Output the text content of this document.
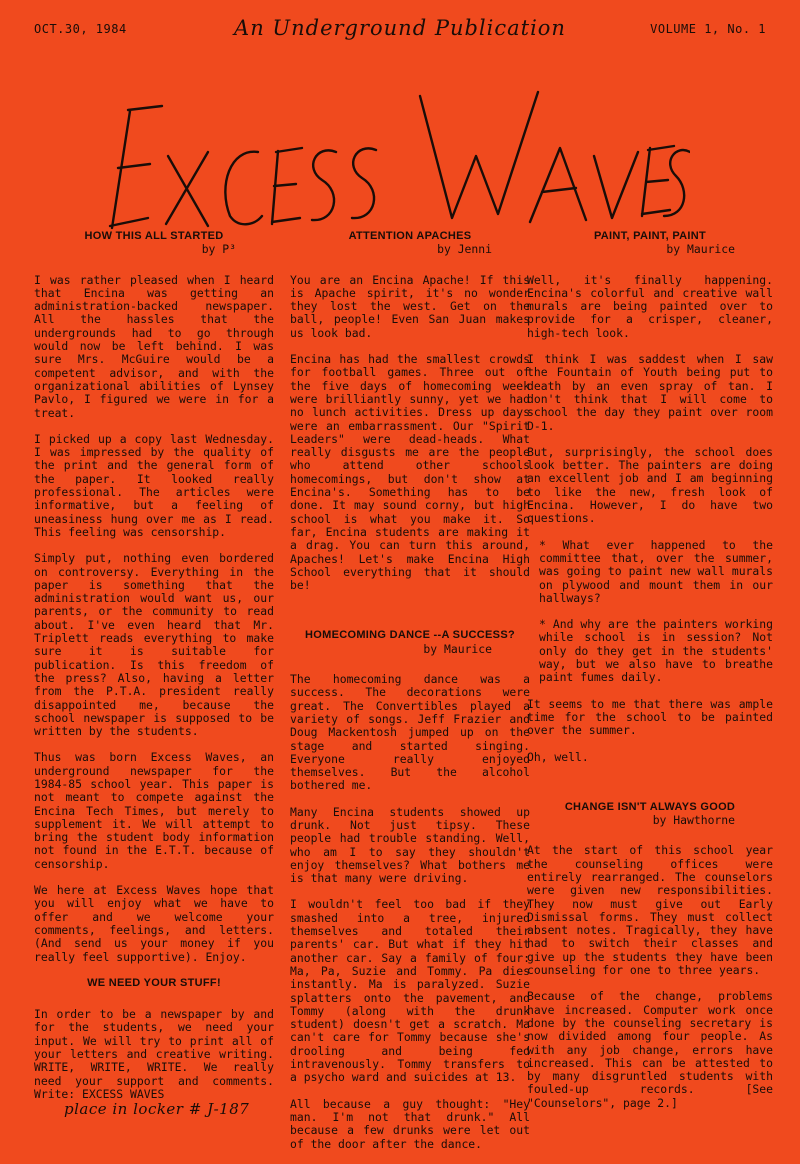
OCT.30, 1984	An Underground Publication	VOLUME 1, No. 1
HOW THIS ALL STARTED
by P³

I was rather pleased when I heard that Encina was getting an administration-backed newspaper. All the hassles that the undergrounds had to go through would now be left behind. I was sure Mrs. McGuire would be a competent advisor, and with the organizational abilities of Lynsey Pavlo, I figured we were in for a treat.

I picked up a copy last Wednesday. I was impressed by the quality of the print and the general form of the paper. It looked really professional. The articles were informative, but a feeling of uneasiness hung over me as I read. This feeling was censorship.

Simply put, nothing even bordered on controversy. Everything in the paper is something that the administration would want us, our parents, or the community to read about. I've even heard that Mr. Triplett reads everything to make sure it is suitable for publication. Is this freedom of the press? Also, having a letter from the P.T.A. president really disappointed me, because the school newspaper is supposed to be written by the students.

Thus was born Excess Waves, an underground newspaper for the 1984-85 school year. This paper is not meant to compete against the Encina Tech Times, but merely to supplement it. We will attempt to bring the student body information not found in the E.T.T. because of censorship.

We here at Excess Waves hope that you will enjoy what we have to offer and we welcome your comments, feelings, and letters. (And send us your money if you really feel supportive). Enjoy.

WE NEED YOUR STUFF!

In order to be a newspaper by and for the students, we need your input. We will try to print all of your letters and creative writing. WRITE, WRITE, WRITE. We really need your support and comments. Write: EXCESS WAVES

place in locker # J-187
ATTENTION APACHES
by Jenni

You are an Encina Apache! If this is Apache spirit, it's no wonder they lost the west. Get on the ball, people! Even San Juan makes us look bad.

Encina has had the smallest crowds for football games. Three out of the five days of homecoming week were brilliantly sunny, yet we had no lunch activities. Dress up days were an embarrassment. Our "Spirit Leaders" were dead-heads. What really disgusts me are the people who attend other schools homecomings, but don't show at Encina's. Something has to be done. It may sound corny, but high school is what you make it. So far, Encina students are making it a drag. You can turn this around, Apaches! Let's make Encina High School everything that it should be!

HOMECOMING DANCE --A SUCCESS?
by Maurice

The homecoming dance was a success. The decorations were great. The Convertibles played a variety of songs. Jeff Frazier and Doug Mackentosh jumped up on the stage and started singing. Everyone really enjoyed themselves. But the alcohol bothered me.

Many Encina students showed up drunk. Not just tipsy. These people had trouble standing. Well, who am I to say they shouldn't enjoy themselves? What bothers me is that many were driving.

I wouldn't feel too bad if they smashed into a tree, injured themselves and totaled their parents' car. But what if they hit another car. Say a family of four: Ma, Pa, Suzie and Tommy. Pa dies instantly. Ma is paralyzed. Suzie splatters onto the pavement, and Tommy (along with the drunk student) doesn't get a scratch. Ma can't care for Tommy because she's drooling and being fed intravenously. Tommy transfers to a psycho ward and suicides at 13.

All because a guy thought: "Hey man. I'm not that drunk." All because a few drunks were let out of the door after the dance.

PAINT, PAINT, PAINT
by Maurice

Well, it's finally happening. Encina's colorful and creative wall murals are being painted over to provide for a crisper, cleaner, high-tech look.

I think I was saddest when I saw the Fountain of Youth being put to death by an even spray of tan. I don't think that I will come to school the day they paint over room D-1.

But, surprisingly, the school does look better. The painters are doing an excellent job and I am beginning to like the new, fresh look of Encina. However, I do have two questions.

* What ever happened to the committee that, over the summer, was going to paint new wall murals on plywood and mount them in our hallways?

* And why are the painters working while school is in session? Not only do they get in the students' way, but we also have to breathe paint fumes daily.

It seems to me that there was ample time for the school to be painted over the summer.

Oh, well.

CHANGE ISN'T ALWAYS GOOD
by Hawthorne

At the start of this school year the counseling offices were entirely rearranged. The counselors were given new responsibilities. They now must give out Early Dismissal forms. They must collect absent notes. Tragically, they have had to switch their classes and give up the students they have been counseling for one to three years.

Because of the change, problems have increased. Computer work once done by the counseling secretary is now divided among four people. As with any job change, errors have increased. This can be attested to by many disgruntled students with fouled-up records. [See "Counselors", page 2.]
